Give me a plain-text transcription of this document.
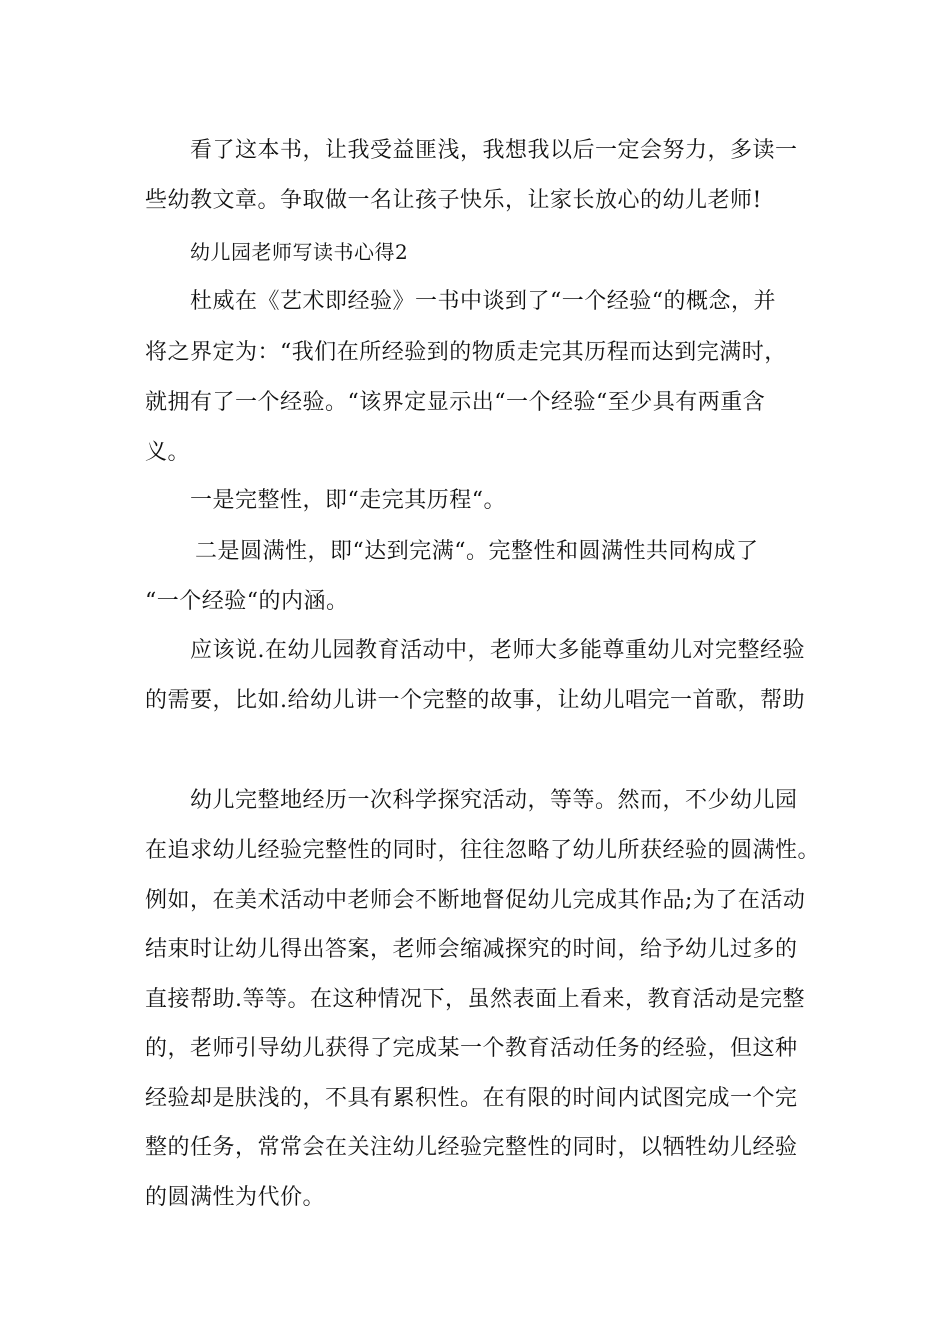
看了这本书，让我受益匪浅，我想我以后一定会努力，多读一
些幼教文章。争取做一名让孩子快乐，让家长放心的幼儿老师!
幼儿园老师写读书心得2
杜威在《艺术即经验》一书中谈到了“一个经验“的概念，并
将之界定为：“我们在所经验到的物质走完其历程而达到完满时，
就拥有了一个经验。“该界定显示出“一个经验“至少具有两重含
义。
一是完整性，即“走完其历程“。
二是圆满性，即“达到完满“。完整性和圆满性共同构成了
“一个经验“的内涵。
应该说.在幼儿园教育活动中，老师大多能尊重幼儿对完整经验
的需要，比如.给幼儿讲一个完整的故事，让幼儿唱完一首歌，帮助
幼儿完整地经历一次科学探究活动，等等。然而，不少幼儿园
在追求幼儿经验完整性的同时，往往忽略了幼儿所获经验的圆满性。
例如，在美术活动中老师会不断地督促幼儿完成其作品;为了在活动
结束时让幼儿得出答案，老师会缩减探究的时间，给予幼儿过多的
直接帮助.等等。在这种情况下，虽然表面上看来，教育活动是完整
的，老师引导幼儿获得了完成某一个教育活动任务的经验，但这种
经验却是肤浅的，不具有累积性。在有限的时间内试图完成一个完
整的任务，常常会在关注幼儿经验完整性的同时，以牺牲幼儿经验
的圆满性为代价。
